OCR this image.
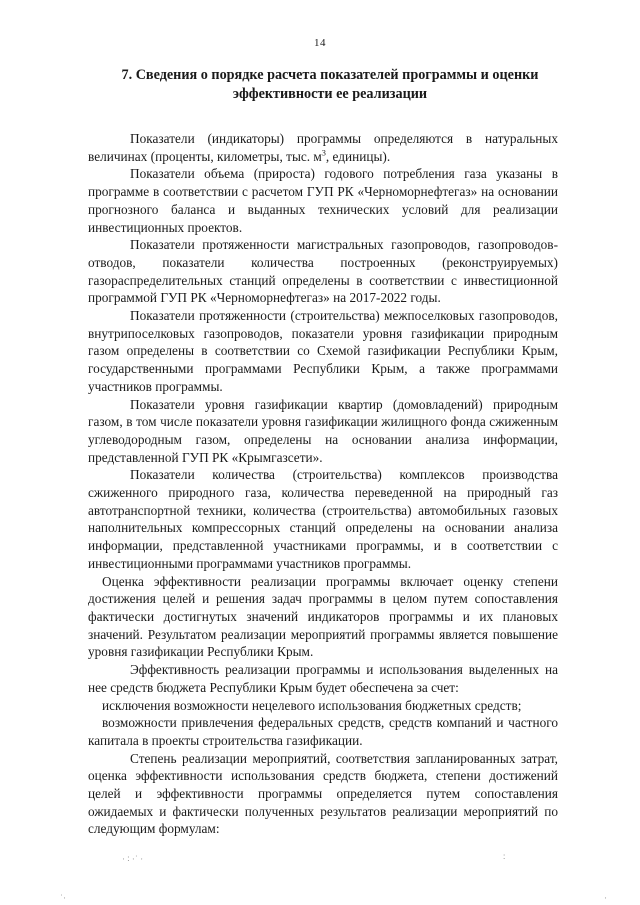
14
7. Сведения о порядке расчета показателей программы и оценки эффективности ее реализации

Показатели (индикаторы) программы определяются в натуральных величинах (проценты, километры, тыс. $м^3$, единицы).

Показатели объема (прироста) годового потребления газа указаны в программе в соответствии с расчетом ГУП РК «Черноморнефтегаз» на основании прогнозного баланса и выданных технических условий для реализации инвестиционных проектов.

Показатели протяженности магистральных газопроводов, газопроводов-отводов, показатели количества построенных (реконструируемых) газораспределительных станций определены в соответствии с инвестиционной программой ГУП РК «Черноморнефтегаз» на 2017-2022 годы.

Показатели протяженности (строительства) межпоселковых газопроводов, внутрипоселковых газопроводов, показатели уровня газификации природным газом определены в соответствии со Схемой газификации Республики Крым, государственными программами Республики Крым, а также программами участников программы.

Показатели уровня газификации квартир (домовладений) природным газом, в том числе показатели уровня газификации жилищного фонда сжиженным углеводородным газом, определены на основании анализа информации, представленной ГУП РК «Крымгазсети».

Показатели количества (строительства) комплексов производства сжиженного природного газа, количества переведенной на природный газ автотранспортной техники, количества (строительства) автомобильных газовых наполнительных компрессорных станций определены на основании анализа информации, представленной участниками программы, и в соответствии с инвестиционными программами участников программы.

Оценка эффективности реализации программы включает оценку степени достижения целей и решения задач программы в целом путем сопоставления фактически достигнутых значений индикаторов программы и их плановых значений. Результатом реализации мероприятий программы является повышение уровня газификации Республики Крым.

Эффективность реализации программы и использования выделенных на нее средств бюджета Республики Крым будет обеспечена за счет:

исключения возможности нецелевого использования бюджетных средств;

возможности привлечения федеральных средств, средств компаний и частного капитала в проекты строительства газификации.

Степень реализации мероприятий, соответствия запланированных затрат, оценка эффективности использования средств бюджета, степени достижений целей и эффективности программы определяется путем сопоставления ожидаемых и фактически полученных результатов реализации мероприятий по следующим формулам:

· ∶ ·˙ ·	∶
˙·	·
